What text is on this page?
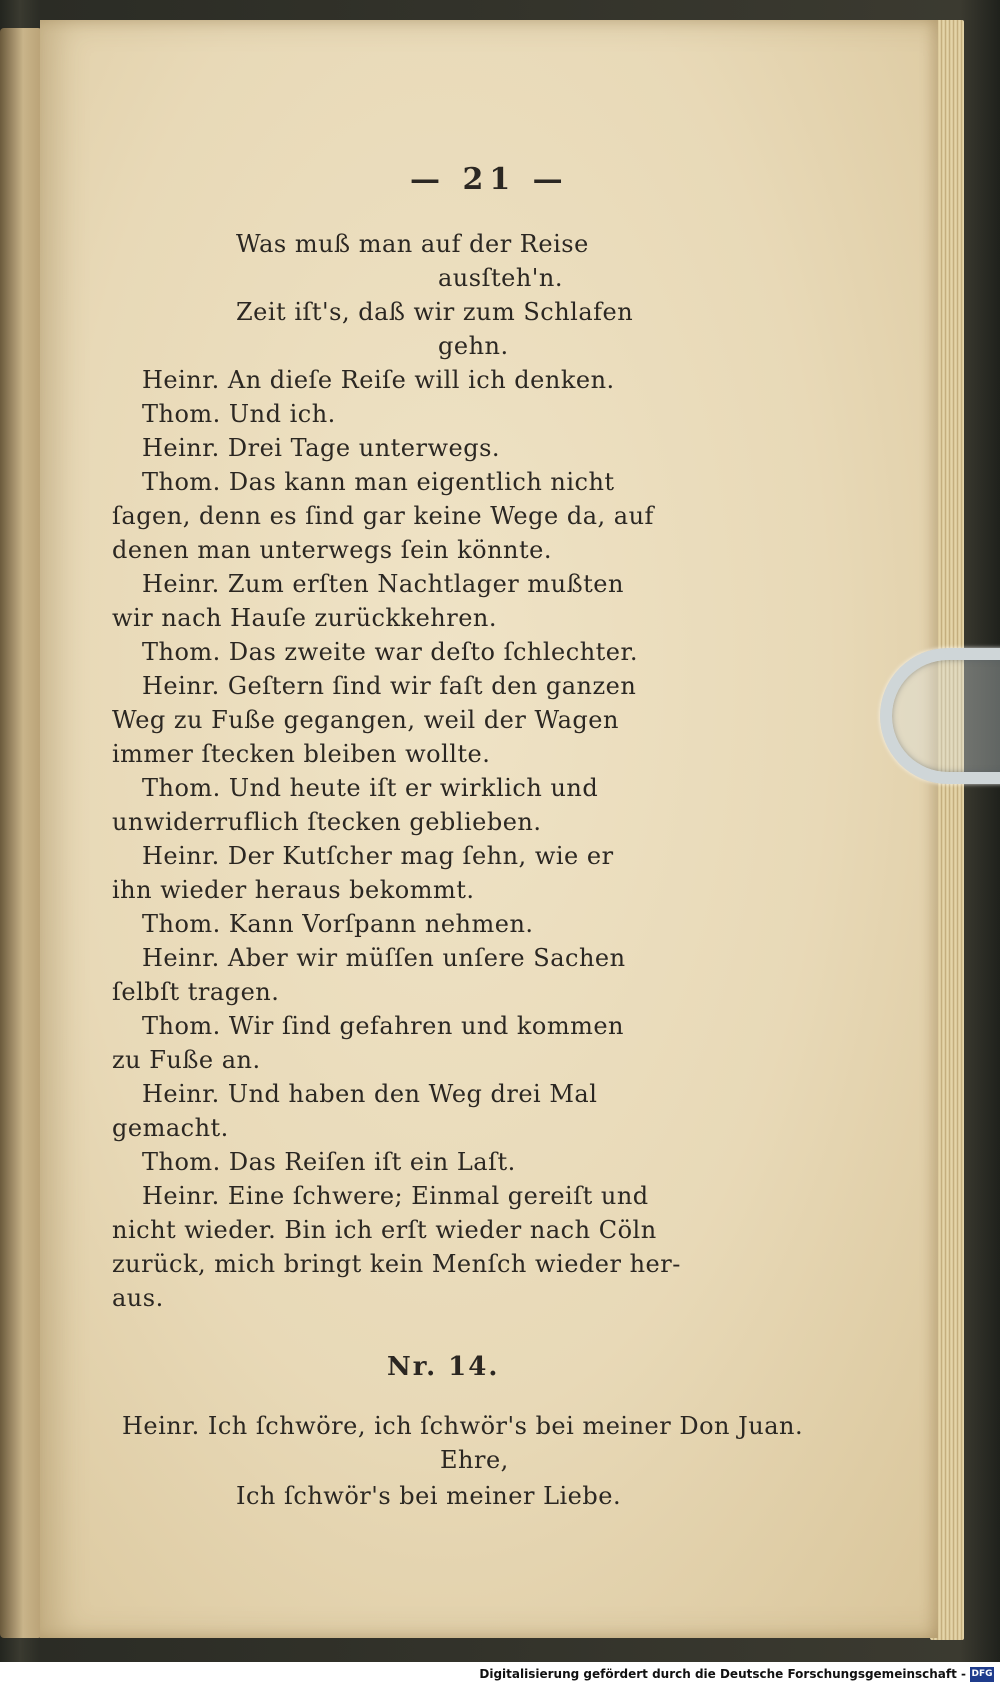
— 21 —
Was muß man auf der Reise
ausſteh'n.
Zeit iſt's, daß wir zum Schlafen
gehn.
Heinr. An dieſe Reiſe will ich denken.
Thom. Und ich.
Heinr. Drei Tage unterwegs.
Thom. Das kann man eigentlich nicht
ſagen, denn es ſind gar keine Wege da, auf
denen man unterwegs ſein könnte.
Heinr. Zum erſten Nachtlager mußten
wir nach Hauſe zurückkehren.
Thom. Das zweite war deſto ſchlechter.
Heinr. Geſtern ſind wir faſt den ganzen
Weg zu Fuße gegangen, weil der Wagen
immer ſtecken bleiben wollte.
Thom. Und heute iſt er wirklich und
unwiderruflich ſtecken geblieben.
Heinr. Der Kutſcher mag ſehn, wie er
ihn wieder heraus bekommt.
Thom. Kann Vorſpann nehmen.
Heinr. Aber wir müſſen unſere Sachen
ſelbſt tragen.
Thom. Wir ſind gefahren und kommen
zu Fuße an.
Heinr. Und haben den Weg drei Mal
gemacht.
Thom. Das Reiſen iſt ein Laſt.
Heinr. Eine ſchwere; Einmal gereiſt und
nicht wieder. Bin ich erſt wieder nach Cöln
zurück, mich bringt kein Menſch wieder her-
aus.
Nr. 14.
Heinr. Ich ſchwöre, ich ſchwör's bei meiner Don Juan.
Ehre,
Ich ſchwör's bei meiner Liebe.
Digitalisierung gefördert durch die Deutsche Forschungsgemeinschaft - DFG
